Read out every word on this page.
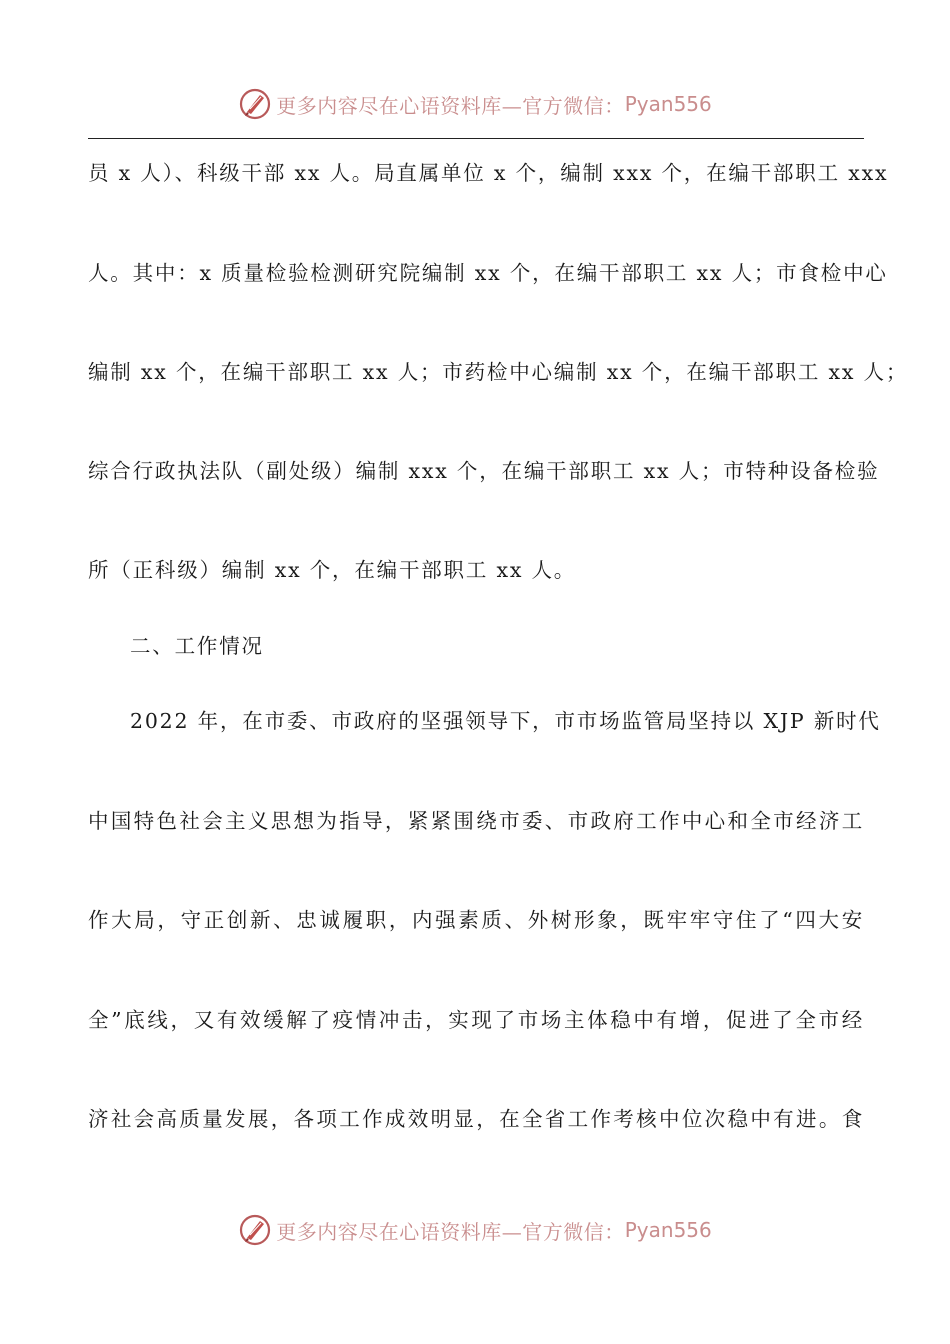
更多内容尽在心语资料库—官方微信： Pyan556
员 x 人）、科级干部 xx 人。局直属单位 x 个，编制 xxx 个，在编干部职工 xxx
人。其中：x 质量检验检测研究院编制 xx 个，在编干部职工 xx 人；市食检中心
编制 xx 个，在编干部职工 xx 人；市药检中心编制 xx 个，在编干部职工 xx 人；
综合行政执法队（副处级）编制 xxx 个，在编干部职工 xx 人；市特种设备检验
所（正科级）编制 xx 个，在编干部职工 xx 人。
二、工作情况
2022 年，在市委、市政府的坚强领导下，市市场监管局坚持以 XJP 新时代
中国特色社会主义思想为指导，紧紧围绕市委、市政府工作中心和全市经济工
作大局，守正创新、忠诚履职，内强素质、外树形象，既牢牢守住了“四大安
全”底线，又有效缓解了疫情冲击，实现了市场主体稳中有增，促进了全市经
济社会高质量发展，各项工作成效明显，在全省工作考核中位次稳中有进。食
更多内容尽在心语资料库—官方微信： Pyan556
